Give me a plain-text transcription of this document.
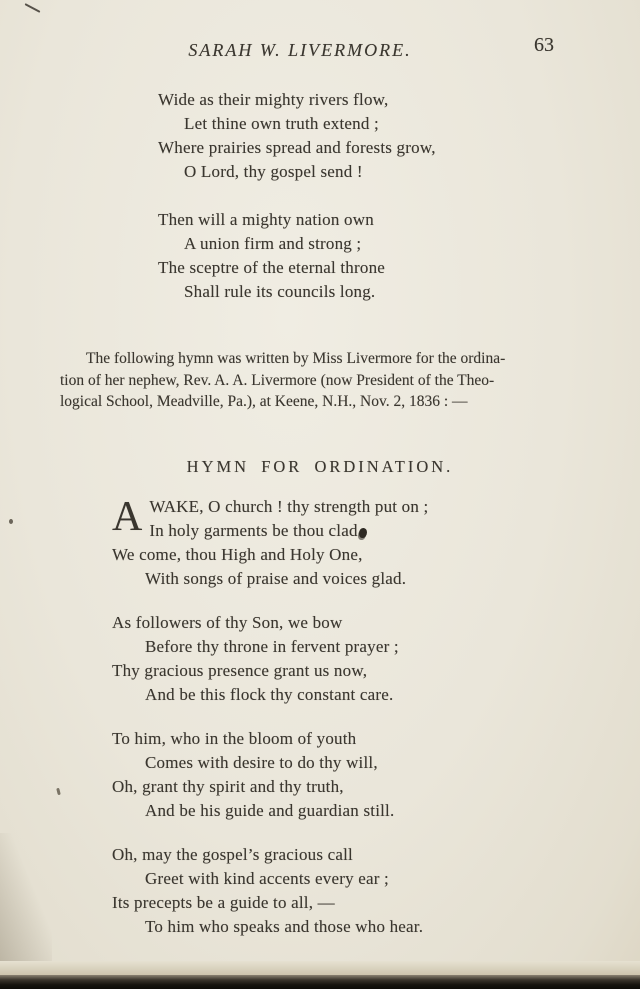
SARAH W. LIVERMORE.	63
Wide as their mighty rivers flow,
Let thine own truth extend ;
Where prairies spread and forests grow,
O Lord, thy gospel send !
Then will a mighty nation own
A union firm and strong ;
The sceptre of the eternal throne
Shall rule its councils long.
The following hymn was written by Miss Livermore for the ordina-
tion of her nephew, Rev. A. A. Livermore (now President of the Theo-
logical School, Meadville, Pa.), at Keene, N.H., Nov. 2, 1836 : —
HYMN FOR ORDINATION.
AWAKE, O church ! thy strength put on ;
In holy garments be thou clad
We come, thou High and Holy One,
With songs of praise and voices glad.
As followers of thy Son, we bow
Before thy throne in fervent prayer ;
Thy gracious presence grant us now,
And be this flock thy constant care.
To him, who in the bloom of youth
Comes with desire to do thy will,
Oh, grant thy spirit and thy truth,
And be his guide and guardian still.
Oh, may the gospel’s gracious call
Greet with kind accents every ear ;
Its precepts be a guide to all, —
To him who speaks and those who hear.
